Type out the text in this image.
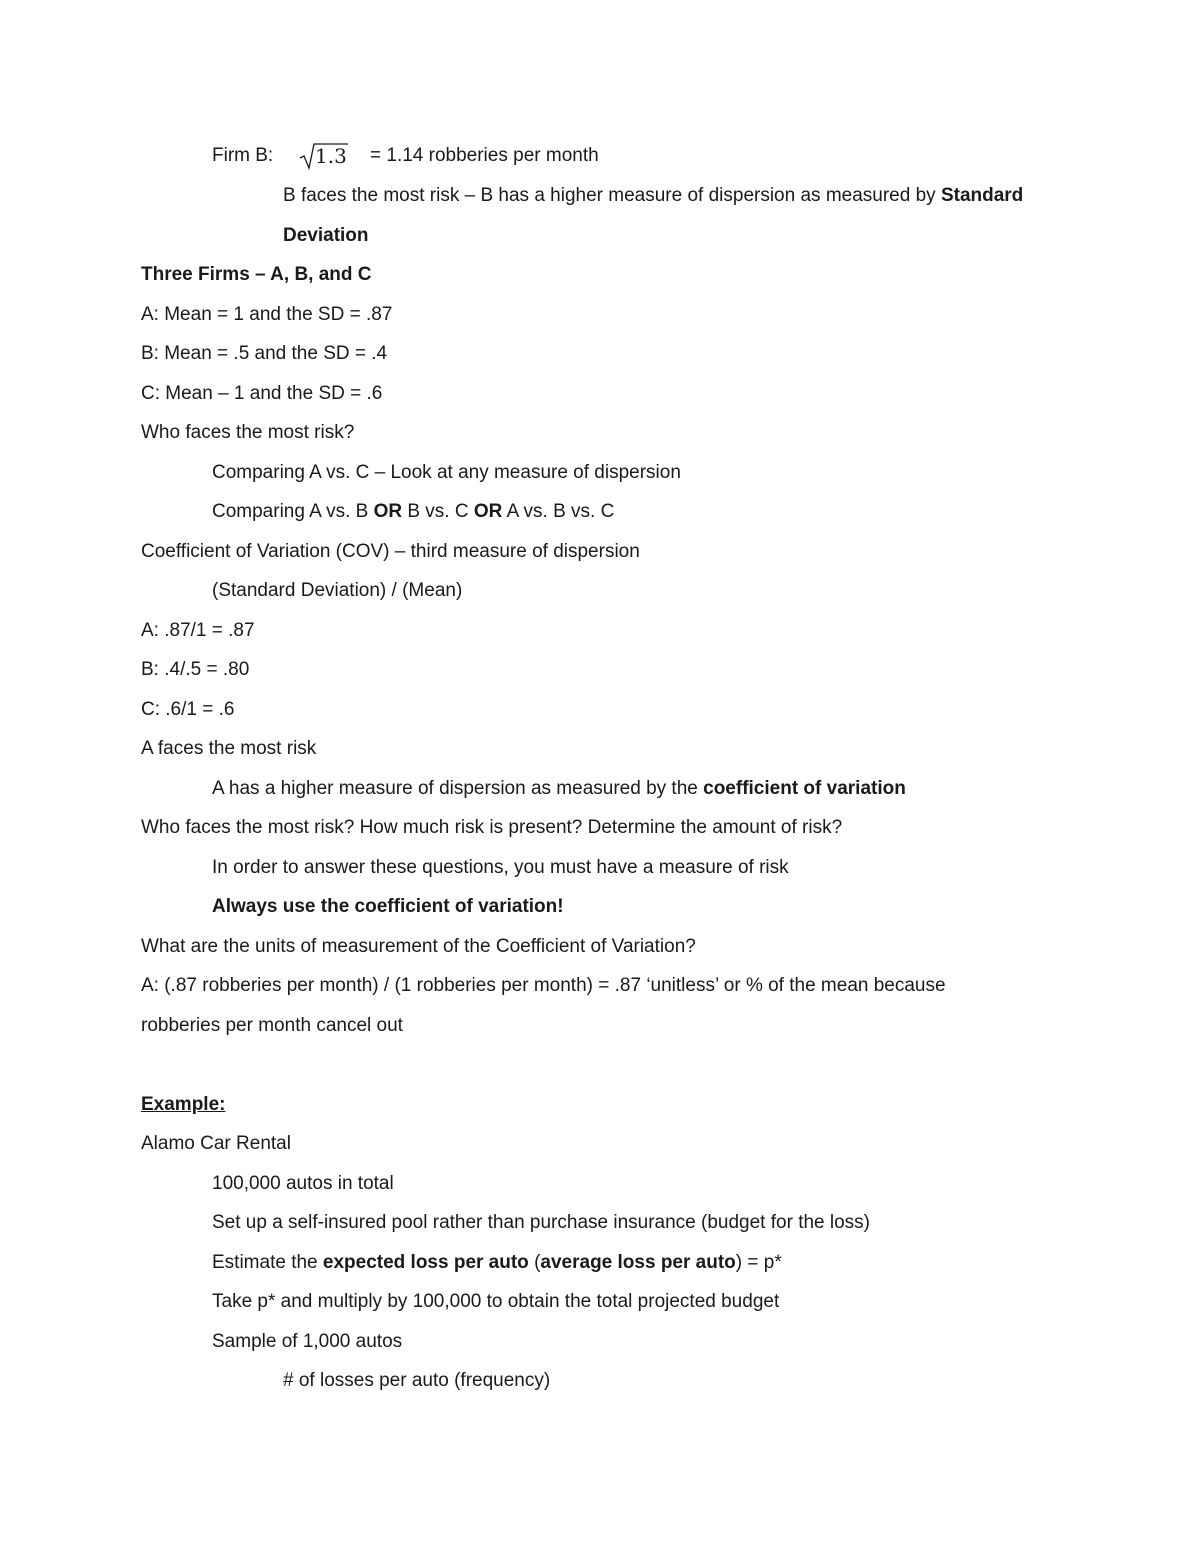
Firm B: 1.3 = 1.14 robberies per month
B faces the most risk – B has a higher measure of dispersion as measured by Standard
Deviation
Three Firms – A, B, and C
A: Mean = 1 and the SD = .87
B: Mean = .5 and the SD = .4
C: Mean – 1 and the SD = .6
Who faces the most risk?
Comparing A vs. C – Look at any measure of dispersion
Comparing A vs. B OR B vs. C OR A vs. B vs. C
Coefficient of Variation (COV) – third measure of dispersion
(Standard Deviation) / (Mean)
A: .87/1 = .87
B: .4/.5 = .80
C: .6/1 = .6
A faces the most risk
A has a higher measure of dispersion as measured by the coefficient of variation
Who faces the most risk? How much risk is present? Determine the amount of risk?
In order to answer these questions, you must have a measure of risk
Always use the coefficient of variation!
What are the units of measurement of the Coefficient of Variation?
A: (.87 robberies per month) / (1 robberies per month) = .87 ‘unitless’ or % of the mean because
robberies per month cancel out
Example:
Alamo Car Rental
100,000 autos in total
Set up a self-insured pool rather than purchase insurance (budget for the loss)
Estimate the expected loss per auto (average loss per auto) = p*
Take p* and multiply by 100,000 to obtain the total projected budget
Sample of 1,000 autos
# of losses per auto (frequency)
